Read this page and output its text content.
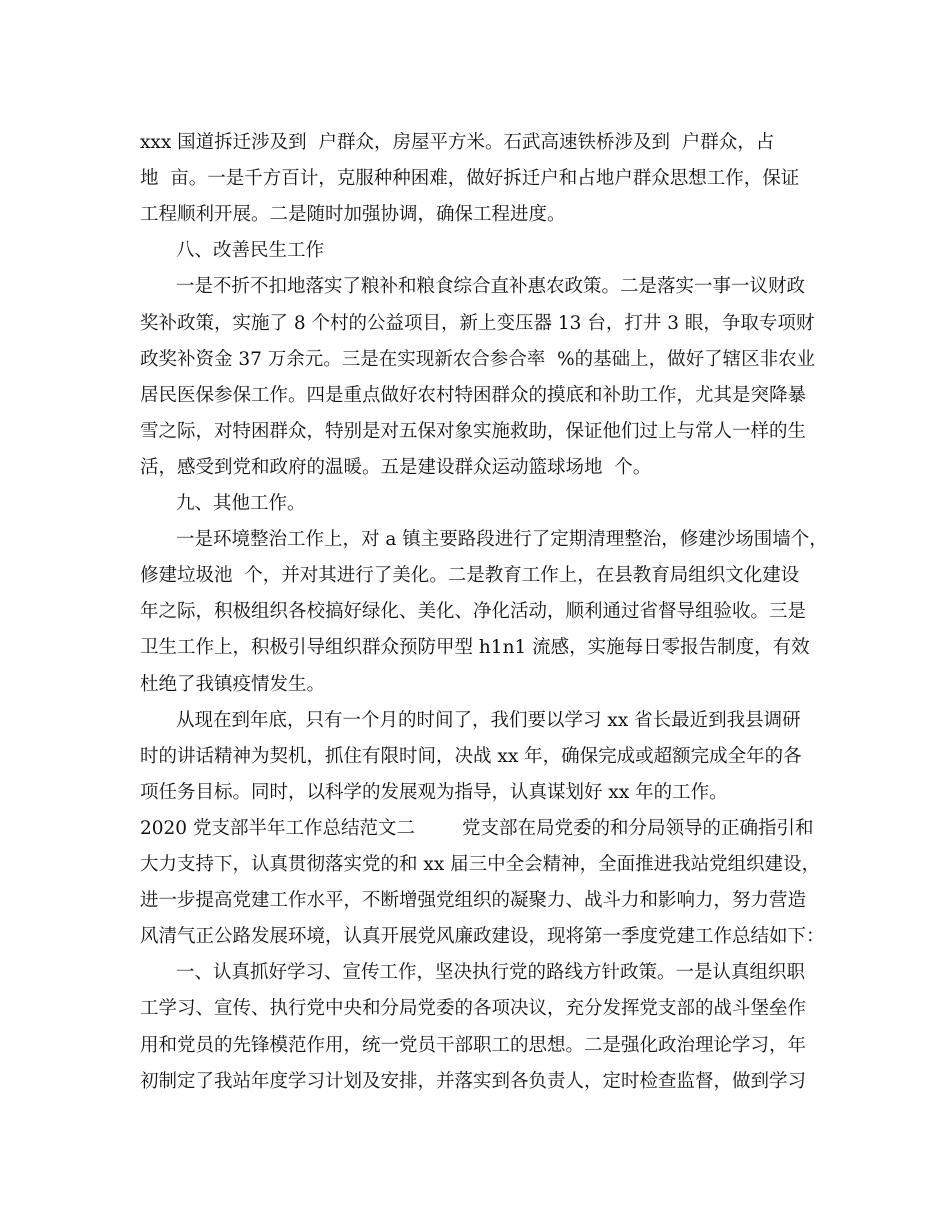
xxx 国道拆迁涉及到  户群众，房屋平方米。石武高速铁桥涉及到  户群众，占

地  亩。一是千方百计，克服种种困难，做好拆迁户和占地户群众思想工作，保证

工程顺利开展。二是随时加强协调，确保工程进度。

八、改善民生工作

一是不折不扣地落实了粮补和粮食综合直补惠农政策。二是落实一事一议财政

奖补政策，实施了 8 个村的公益项目，新上变压器 13 台，打井 3 眼，争取专项财

政奖补资金 37 万余元。三是在实现新农合参合率  %的基础上，做好了辖区非农业

居民医保参保工作。四是重点做好农村特困群众的摸底和补助工作，尤其是突降暴

雪之际，对特困群众，特别是对五保对象实施救助，保证他们过上与常人一样的生

活，感受到党和政府的温暖。五是建设群众运动篮球场地  个。

九、其他工作。

一是环境整治工作上，对 a 镇主要路段进行了定期清理整治，修建沙场围墙个，

修建垃圾池  个，并对其进行了美化。二是教育工作上，在县教育局组织文化建设

年之际，积极组织各校搞好绿化、美化、净化活动，顺利通过省督导组验收。三是

卫生工作上，积极引导组织群众预防甲型 h1n1 流感，实施每日零报告制度，有效

杜绝了我镇疫情发生。

从现在到年底，只有一个月的时间了，我们要以学习 xx 省长最近到我县调研

时的讲话精神为契机，抓住有限时间，决战 xx 年，确保完成或超额完成全年的各

项任务目标。同时，以科学的发展观为指导，认真谋划好 xx 年的工作。

2020 党支部半年工作总结范文二        党支部在局党委的和分局领导的正确指引和

大力支持下，认真贯彻落实党的和 xx 届三中全会精神，全面推进我站党组织建设，

进一步提高党建工作水平，不断增强党组织的凝聚力、战斗力和影响力，努力营造

风清气正公路发展环境，认真开展党风廉政建设，现将第一季度党建工作总结如下：

一、认真抓好学习、宣传工作，坚决执行党的路线方针政策。一是认真组织职

工学习、宣传、执行党中央和分局党委的各项决议，充分发挥党支部的战斗堡垒作

用和党员的先锋模范作用，统一党员干部职工的思想。二是强化政治理论学习，年

初制定了我站年度学习计划及安排，并落实到各负责人，定时检查监督，做到学习
